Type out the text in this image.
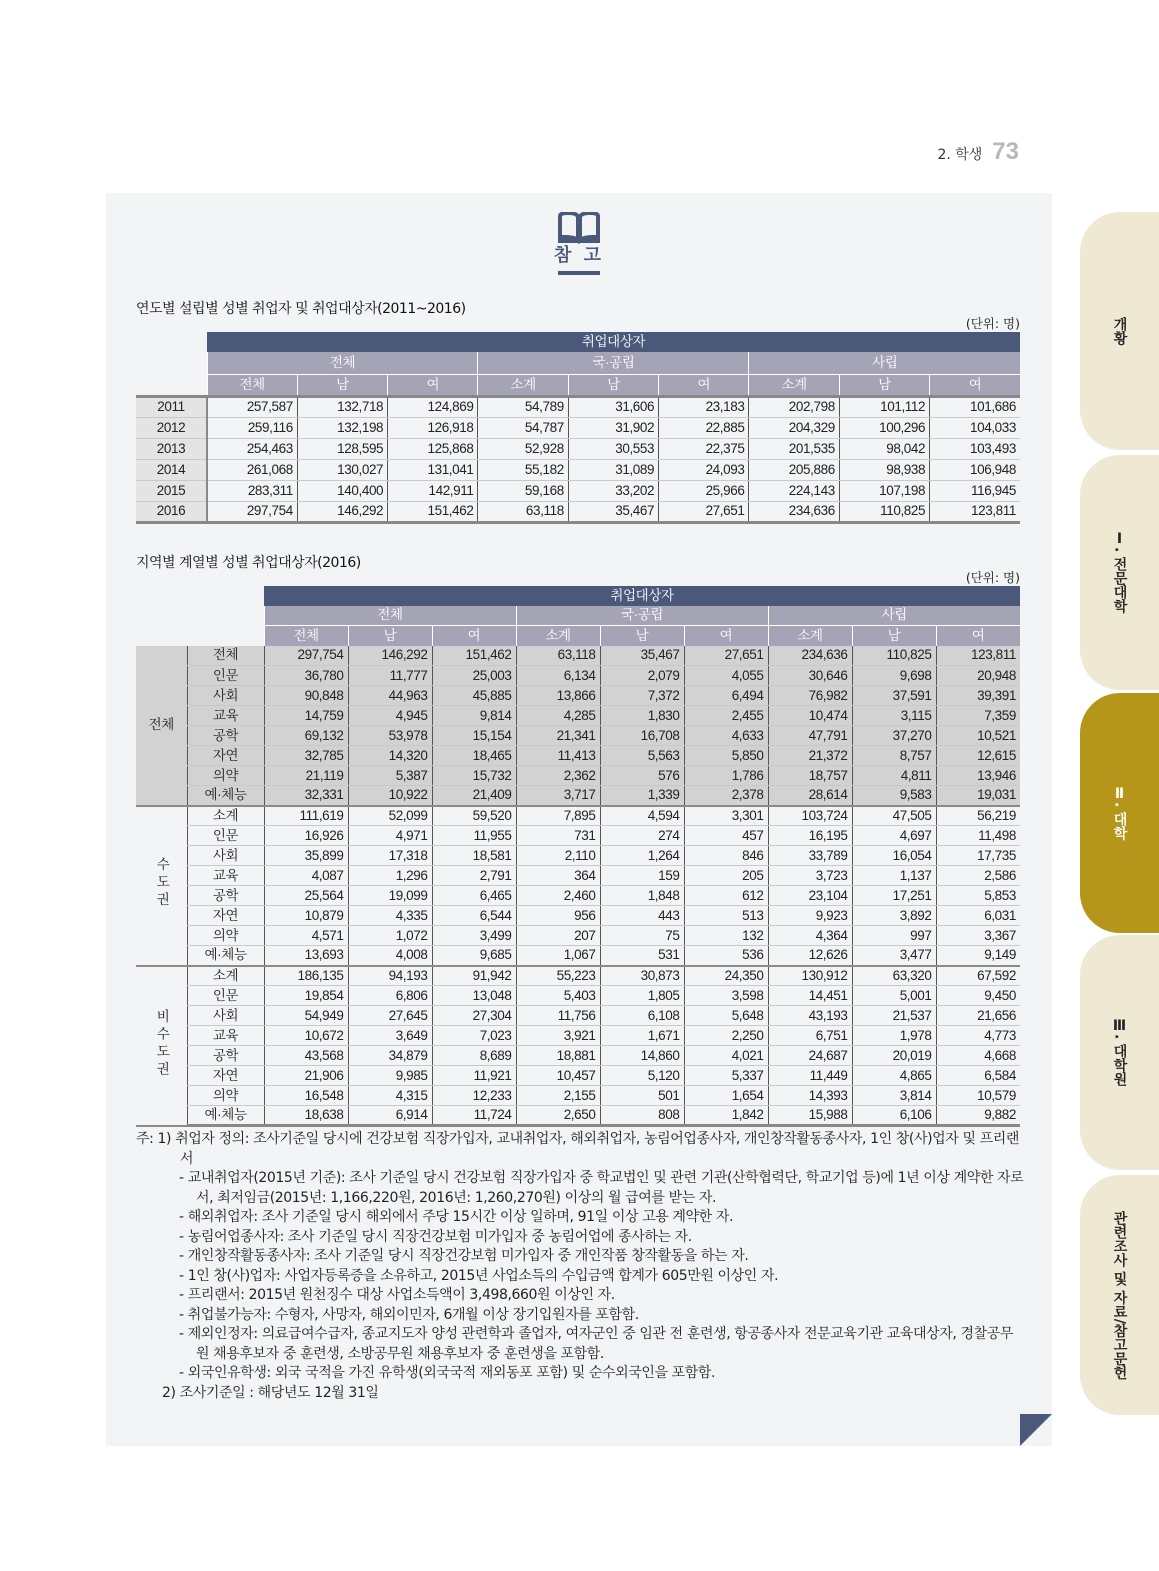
2. 학생 73
참 고
연도별 설립별 성별 취업자 및 취업대상자(2011~2016)
(단위: 명)
	취업대상자								
	전체			국·공립			사립		
	전체	남	여	소계	남	여	소계	남	여
2011	257,587	132,718	124,869	54,789	31,606	23,183	202,798	101,112	101,686
2012	259,116	132,198	126,918	54,787	31,902	22,885	204,329	100,296	104,033
2013	254,463	128,595	125,868	52,928	30,553	22,375	201,535	98,042	103,493
2014	261,068	130,027	131,041	55,182	31,089	24,093	205,886	98,938	106,948
2015	283,311	140,400	142,911	59,168	33,202	25,966	224,143	107,198	116,945
2016	297,754	146,292	151,462	63,118	35,467	27,651	234,636	110,825	123,811
지역별 계열별 성별 취업대상자(2016)
(단위: 명)
		취업대상자								
		전체			국·공립			사립		
		전체	남	여	소계	남	여	소계	남	여
전체	전체	297,754	146,292	151,462	63,118	35,467	27,651	234,636	110,825	123,811
	인문	36,780	11,777	25,003	6,134	2,079	4,055	30,646	9,698	20,948
	사회	90,848	44,963	45,885	13,866	7,372	6,494	76,982	37,591	39,391
	교육	14,759	4,945	9,814	4,285	1,830	2,455	10,474	3,115	7,359
	공학	69,132	53,978	15,154	21,341	16,708	4,633	47,791	37,270	10,521
	자연	32,785	14,320	18,465	11,413	5,563	5,850	21,372	8,757	12,615
	의약	21,119	5,387	15,732	2,362	576	1,786	18,757	4,811	13,946
	예·체능	32,331	10,922	21,409	3,717	1,339	2,378	28,614	9,583	19,031
수도권	소계	111,619	52,099	59,520	7,895	4,594	3,301	103,724	47,505	56,219
	인문	16,926	4,971	11,955	731	274	457	16,195	4,697	11,498
	사회	35,899	17,318	18,581	2,110	1,264	846	33,789	16,054	17,735
	교육	4,087	1,296	2,791	364	159	205	3,723	1,137	2,586
	공학	25,564	19,099	6,465	2,460	1,848	612	23,104	17,251	5,853
	자연	10,879	4,335	6,544	956	443	513	9,923	3,892	6,031
	의약	4,571	1,072	3,499	207	75	132	4,364	997	3,367
	예·체능	13,693	4,008	9,685	1,067	531	536	12,626	3,477	9,149
비수도권	소계	186,135	94,193	91,942	55,223	30,873	24,350	130,912	63,320	67,592
	인문	19,854	6,806	13,048	5,403	1,805	3,598	14,451	5,001	9,450
	사회	54,949	27,645	27,304	11,756	6,108	5,648	43,193	21,537	21,656
	교육	10,672	3,649	7,023	3,921	1,671	2,250	6,751	1,978	4,773
	공학	43,568	34,879	8,689	18,881	14,860	4,021	24,687	20,019	4,668
	자연	21,906	9,985	11,921	10,457	5,120	5,337	11,449	4,865	6,584
	의약	16,548	4,315	12,233	2,155	501	1,654	14,393	3,814	10,579
	예·체능	18,638	6,914	11,724	2,650	808	1,842	15,988	6,106	9,882
주: 1) 취업자 정의: 조사기준일 당시에 건강보험 직장가입자, 교내취업자, 해외취업자, 농림어업종사자, 개인창작활동종사자, 1인 창(사)업자 및 프리랜서
- 교내취업자(2015년 기준): 조사 기준일 당시 건강보험 직장가입자 중 학교법인 및 관련 기관(산학협력단, 학교기업 등)에 1년 이상 계약한 자로서, 최저임금(2015년: 1,166,220원, 2016년: 1,260,270원) 이상의 월 급여를 받는 자.
- 해외취업자: 조사 기준일 당시 해외에서 주당 15시간 이상 일하며, 91일 이상 고용 계약한 자.
- 농림어업종사자: 조사 기준일 당시 직장건강보험 미가입자 중 농림어업에 종사하는 자.
- 개인창작활동종사자: 조사 기준일 당시 직장건강보험 미가입자 중 개인작품 창작활동을 하는 자.
- 1인 창(사)업자: 사업자등록증을 소유하고, 2015년 사업소득의 수입금액 합계가 605만원 이상인 자.
- 프리랜서: 2015년 원천징수 대상 사업소득액이 3,498,660원 이상인 자.
- 취업불가능자: 수형자, 사망자, 해외이민자, 6개월 이상 장기입원자를 포함함.
- 제외인정자: 의료급여수급자, 종교지도자 양성 관련학과 졸업자, 여자군인 중 임관 전 훈련생, 항공종사자 전문교육기관 교육대상자, 경찰공무원 채용후보자 중 훈련생, 소방공무원 채용후보자 중 훈련생을 포함함.
- 외국인유학생: 외국 국적을 가진 유학생(외국국적 재외동포 포함) 및 순수외국인을 포함함.
2) 조사기준일 : 해당년도 12월 31일
개황
Ⅰ. 전문대학
Ⅱ. 대학
Ⅲ. 대학원
관련조사 및 자료/참고문헌
